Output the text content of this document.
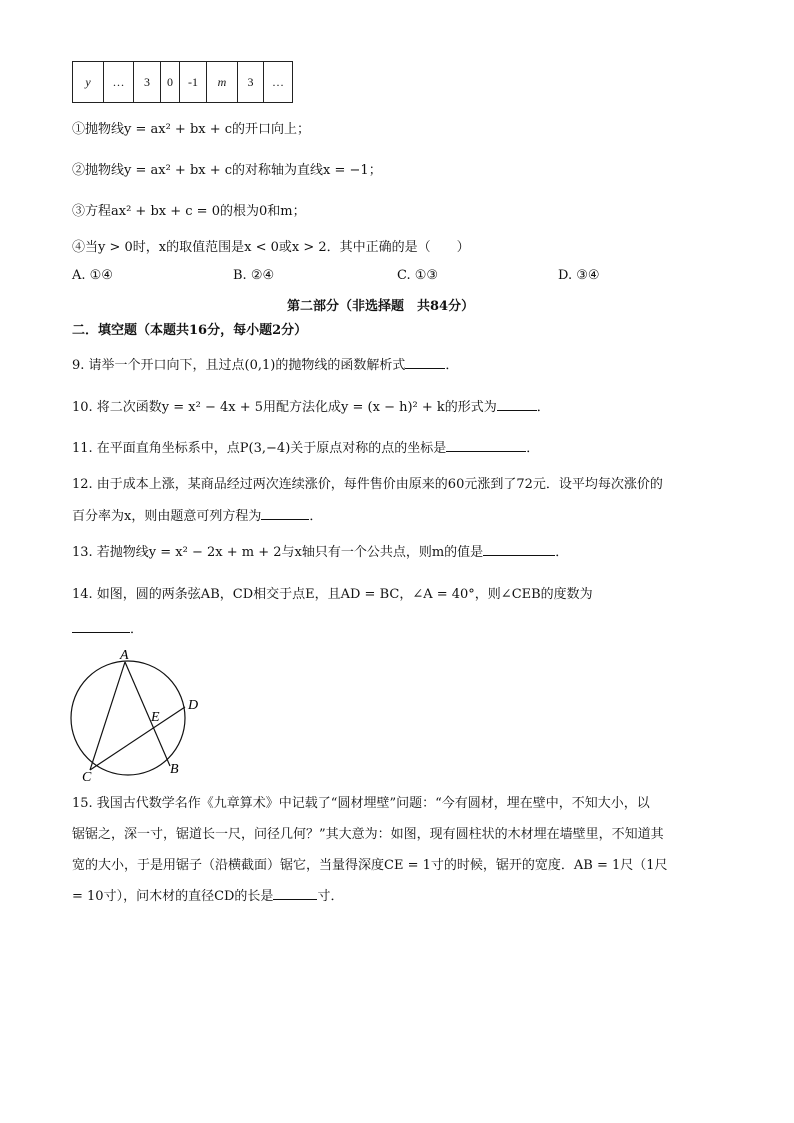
y	…	3	0	-1	m	3	…
①抛物线y = ax² + bx + c的开口向上；
②抛物线y = ax² + bx + c的对称轴为直线x = −1；
③方程ax² + bx + c = 0的根为0和m；
④当y > 0时，x的取值范围是x < 0或x > 2．其中正确的是（　　）
A. ①④	B. ②④	C. ①③	D. ③④
第二部分（非选择题　共84分）
二．填空题（本题共16分，每小题2分）
9. 请举一个开口向下，且过点(0,1)的抛物线的函数解析式	．
10. 将二次函数y = x² − 4x + 5用配方法化成y = (x − h)² + k的形式为	．
11. 在平面直角坐标系中，点P(3,−4)关于原点对称的点的坐标是	．
12. 由于成本上涨，某商品经过两次连续涨价，每件售价由原来的60元涨到了72元．设平均每次涨价的
百分率为x，则由题意可列方程为	．
13. 若抛物线y = x² − 2x + m + 2与x轴只有一个公共点，则m的值是	．
14. 如图，圆的两条弦AB，CD相交于点E，且AD = BC，∠A = 40°，则∠CEB的度数为
．
A
D
E
B
C
15. 我国古代数学名作《九章算术》中记载了“圆材埋壁”问题：“今有圆材，埋在壁中，不知大小，以
锯锯之，深一寸，锯道长一尺，问径几何？”其大意为：如图，现有圆柱状的木材埋在墙壁里，不知道其
宽的大小，于是用锯子（沿横截面）锯它，当量得深度CE = 1寸的时候，锯开的宽度．AB = 1尺（1尺
= 10寸），问木材的直径CD的长是	寸．
